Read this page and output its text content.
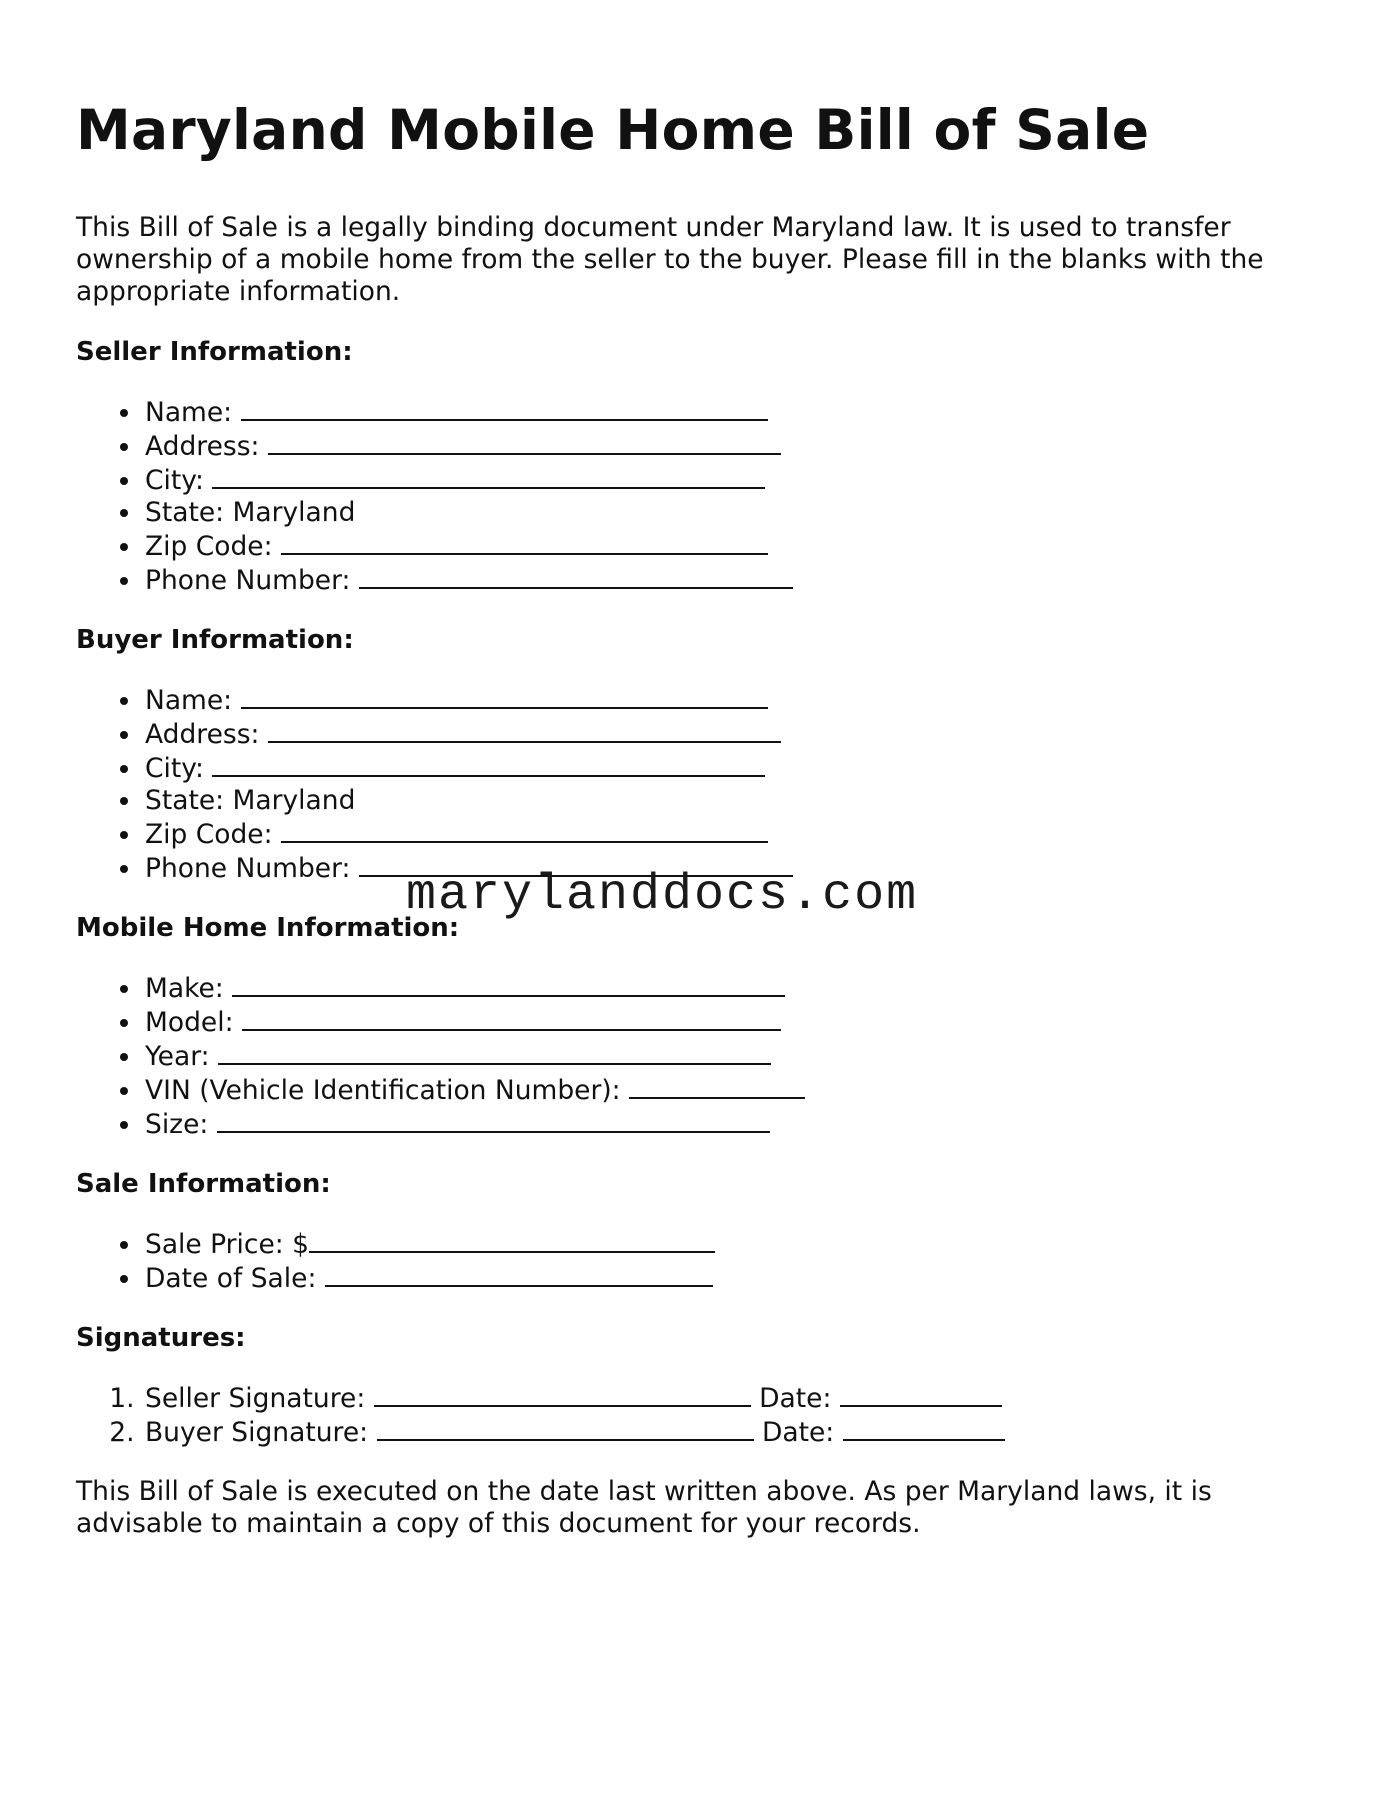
Maryland Mobile Home Bill of Sale

This Bill of Sale is a legally binding document under Maryland law. It is used to transfer ownership of a mobile home from the seller to the buyer. Please fill in the blanks with the appropriate information.

Seller Information:
• Name:
• Address:
• City:
• State: Maryland
• Zip Code:
• Phone Number:
Buyer Information:
• Name:
• Address:
• City:
• State: Maryland
• Zip Code:
• Phone Number:
Mobile Home Information:
• Make:
• Model:
• Year:
• VIN (Vehicle Identification Number):
• Size:
Sale Information:
• Sale Price: $
• Date of Sale:
Signatures:
1. Seller Signature:	Date:
2. Buyer Signature:	Date:

This Bill of Sale is executed on the date last written above. As per Maryland laws, it is advisable to maintain a copy of this document for your records.

marylanddocs.com
